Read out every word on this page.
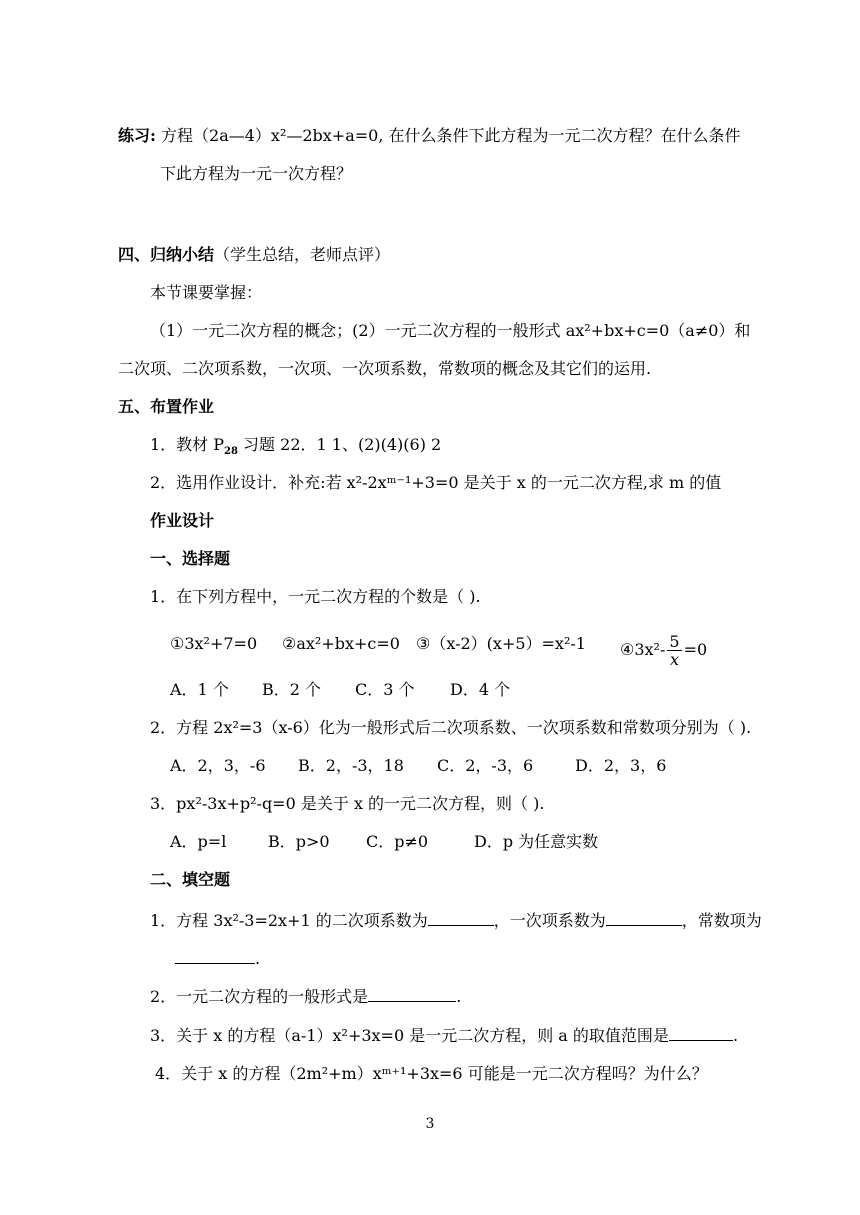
练习: 方程（2a—4）x²—2bx+a=0, 在什么条件下此方程为一元二次方程？在什么条件
下此方程为一元一次方程？
四、归纳小结（学生总结，老师点评）
本节课要掌握：
（1）一元二次方程的概念；(2）一元二次方程的一般形式 ax²+bx+c=0（a≠0）和
二次项、二次项系数，一次项、一次项系数，常数项的概念及其它们的运用.
五、布置作业
1．教材 $P_{28}$ 习题 22．1 1、(2)(4)(6) 2
2．选用作业设计．补充:若 x²-2xᵐ⁻¹+3=0 是关于 x 的一元二次方程,求 m 的值
作业设计
一、选择题
1．在下列方程中，一元二次方程的个数是（ ).
①3x²+7=0 ②ax²+bx+c=0 ③（x-2）(x+5）=x²-1 ④3x²- $\frac{5}{x} =0$
A．1 个 B．2 个 C．3 个 D．4 个
2．方程 2x²=3（x-6）化为一般形式后二次项系数、一次项系数和常数项分别为（ ).
A．2，3，-6 B．2，-3，18 C．2，-3，6	D．2，3，6
3．px²-3x+p²-q=0 是关于 x 的一元二次方程，则（ ).
A．p=l	B．p>0 C．p≠0	D．p 为任意实数
二、填空题
1．方程 3x²-3=2x+1 的二次项系数为	，一次项系数为	，常数项为
.
2．一元二次方程的一般形式是	.
3．关于 x 的方程（a-1）x²+3x=0 是一元二次方程，则 a 的取值范围是	.
4．关于 x 的方程（2m²+m）xᵐ⁺¹+3x=6 可能是一元二次方程吗？为什么？
3
